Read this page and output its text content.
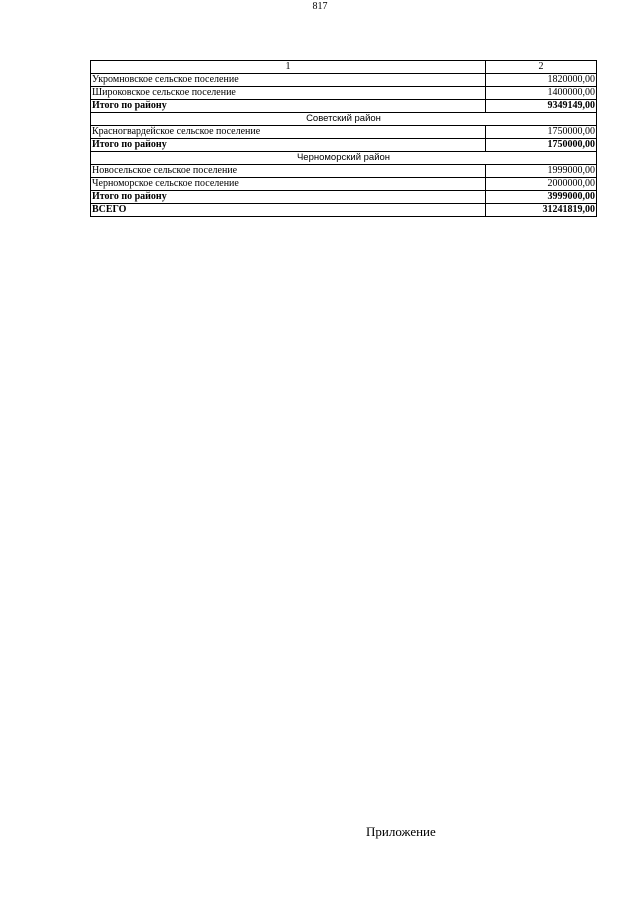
817
1	2
Укромновское сельское поселение	1820000,00
Широковское сельское поселение	1400000,00
Итого по району	9349149,00
Советский район	
Красногвардейское сельское поселение	1750000,00
Итого по району	1750000,00
Черноморский район	
Новосельское сельское поселение	1999000,00
Черноморское сельское поселение	2000000,00
Итого по району	3999000,00
ВСЕГО	31241819,00
Приложение
